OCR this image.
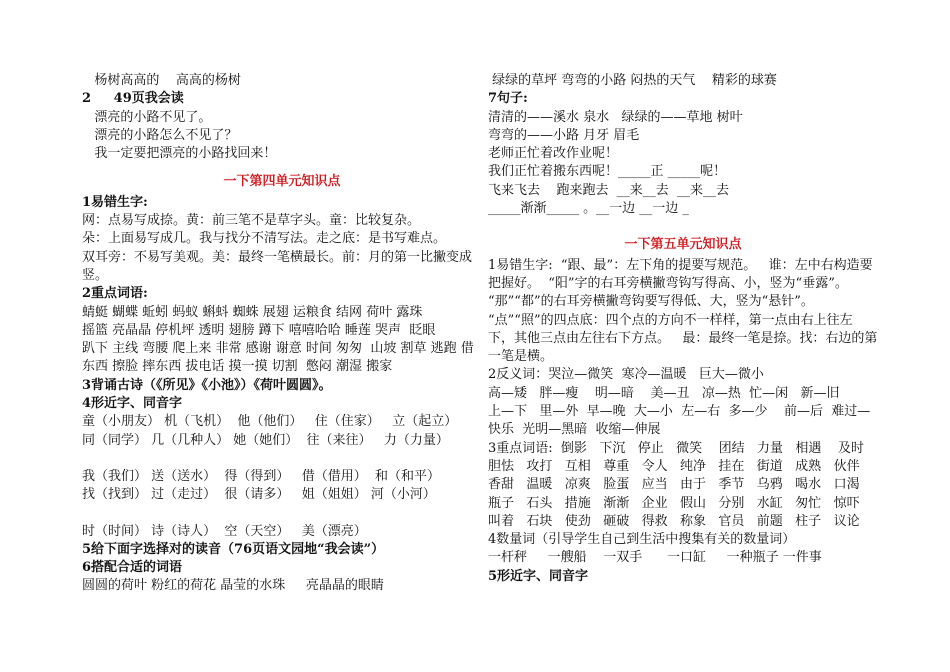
杨树高高的    高高的杨树
2     49页我会读
漂亮的小路不见了。
漂亮的小路怎么不见了？
我一定要把漂亮的小路找回来！
一下第四单元知识点
1易错生字:
网：点易写成捺。黄：前三笔不是草字头。童：比较复杂。
朵：上面易写成几。我与找分不清写法。走之底：是书写难点。
双耳旁：不易写美观。美：最终一笔横最长。前：月的第一比撇变成竖。
2重点词语:
蜻蜓 蝴蝶 蚯蚓 蚂蚁 蝌蚪 蜘蛛 展翅 运粮食 结网 荷叶 露珠
摇篮 亮晶晶 停机坪 透明 翅膀 蹲下 嘻嘻哈哈 睡莲 哭声  眨眼
趴下 主线 弯腰 爬上来 非常 感谢 谢意 时间 匆匆  山坡 割草 逃跑 借东西 擦脸 摔东西 拔电话 摸一摸 切割  憋闷 潮湿 搬家
3背诵古诗（《所见》《小池》）《荷叶圆圆》。
4形近字、同音字
童（小朋友） 机（飞机）  他（他们）   住（住家）   立（起立）
同（同学） 几（几种人） 她（她们）  往（来往）   力（力量）
我（我们） 送（送水）  得（得到）   借（借用）  和（和平）
找（找到） 过（走过）  很（请多）   姐（姐姐） 河（小河）
时（时间） 诗（诗人）  空（天空）   美（漂亮）
5给下面字选择对的读音（76页语文园地“我会读”）
6搭配合适的词语
圆圆的荷叶 粉红的荷花 晶莹的水珠     亮晶晶的眼睛
绿绿的草坪 弯弯的小路 闷热的天气    精彩的球赛
7句子:
清清的——溪水 泉水   绿绿的——草地 树叶
弯弯的——小路 月牙 眉毛
老师正忙着改作业呢！
我们正忙着搬东西呢！_____正 _____呢！
飞来飞去    跑来跑去  __来__去  __来__去
_____渐渐_____ 。__一边 __一边 _
一下第五单元知识点
1易错生字:  “跟、最”：左下角的提要写规范。   谁：左中右构造要把握好。  “阳”字的右耳旁横撇弯钩写得高、小，竖为“垂露”。  “那”“都”的右耳旁横撇弯钩要写得低、大，竖为“悬针”。  “点”“照”的四点底：四个点的方向不一样样，第一点由右上往左下，其他三点由左往右下方点。   最：最终一笔是捺。找：右边的第一笔是横。
2反义词：哭泣—微笑  寒冷—温暖   巨大—微小
高—矮   胖—瘦    明—暗    美—丑   凉—热  忙—闲   新—旧
上—下   里—外  早—晚  大—小  左—右  多—少    前—后  难过—快乐  光明—黑暗  收缩—伸展
3重点词语:  倒影   下沉   停止   微笑    团结   力量   相遇    及时   胆怯   攻打   互相   尊重   令人   纯净   挂在   街道   成熟   伙伴   香甜   温暖   凉爽   脸蛋   应当   由于   季节   乌鸦   喝水   口渴   瓶子   石头   措施   渐渐   企业   假山   分别   水缸   匆忙   惊吓   叫着   石块   使劲   砸破   得救   称象   官员   前题   柱子   议论
4数量词（引导学生自己到生活中搜集有关的数量词）
一杆秤     一艘船    一双手      一口缸     一种瓶子 一件事
5形近字、同音字
